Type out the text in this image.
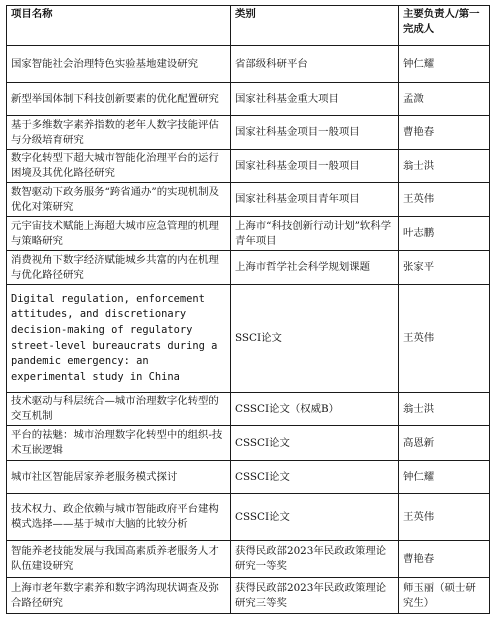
项目名称	类别	主要负责人/第一完成人
国家智能社会治理特色实验基地建设研究	省部级科研平台	钟仁耀
新型举国体制下科技创新要素的优化配置研究	国家社科基金重大项目	孟溦
基于多维数字素养指数的老年人数字技能评估与分级培育研究	国家社科基金项目一般项目	曹艳春
数字化转型下超大城市智能化治理平台的运行困境及其优化路径研究	国家社科基金项目一般项目	翁士洪
数智驱动下政务服务“跨省通办”的实现机制及优化对策研究	国家社科基金项目青年项目	王英伟
元宇宙技术赋能上海超大城市应急管理的机理与策略研究	上海市“科技创新行动计划”软科学青年项目	叶志鹏
消费视角下数字经济赋能城乡共富的内在机理与优化路径研究	上海市哲学社会科学规划课题	张家平
Digital regulation, enforcement attitudes, and discretionary decision-making of regulatory street-level bureaucrats during a pandemic emergency: an experimental study in China	SSCI论文	王英伟
技术驱动与科层统合—城市治理数字化转型的交互机制	CSSCI论文（权威B）	翁士洪
平台的祛魅：城市治理数字化转型中的组织-技术互嵌逻辑	CSSCI论文	高恩新
城市社区智能居家养老服务模式探讨	CSSCI论文	钟仁耀
技术权力、政企依赖与城市智能政府平台建构模式选择——基于城市大脑的比较分析	CSSCI论文	王英伟
智能养老技能发展与我国高素质养老服务人才队伍建设研究	获得民政部2023年民政政策理论研究一等奖	曹艳春
上海市老年数字素养和数字鸿沟现状调查及弥合路径研究	获得民政部2023年民政政策理论研究三等奖	师玉丽（硕士研究生）
